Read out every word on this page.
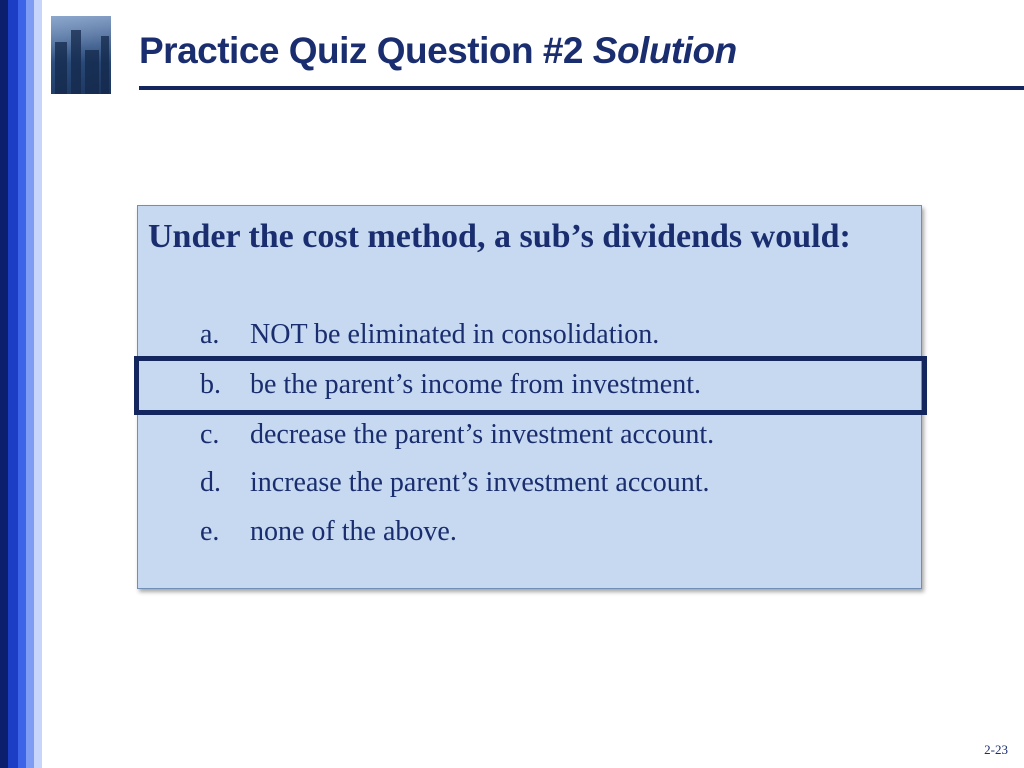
Practice Quiz Question #2 Solution
Under the cost method, a sub’s dividends would:
a. NOT be eliminated in consolidation.
b. be the parent’s income from investment.
c. decrease the parent’s investment account.
d. increase the parent’s investment account.
e. none of the above.
2-23
